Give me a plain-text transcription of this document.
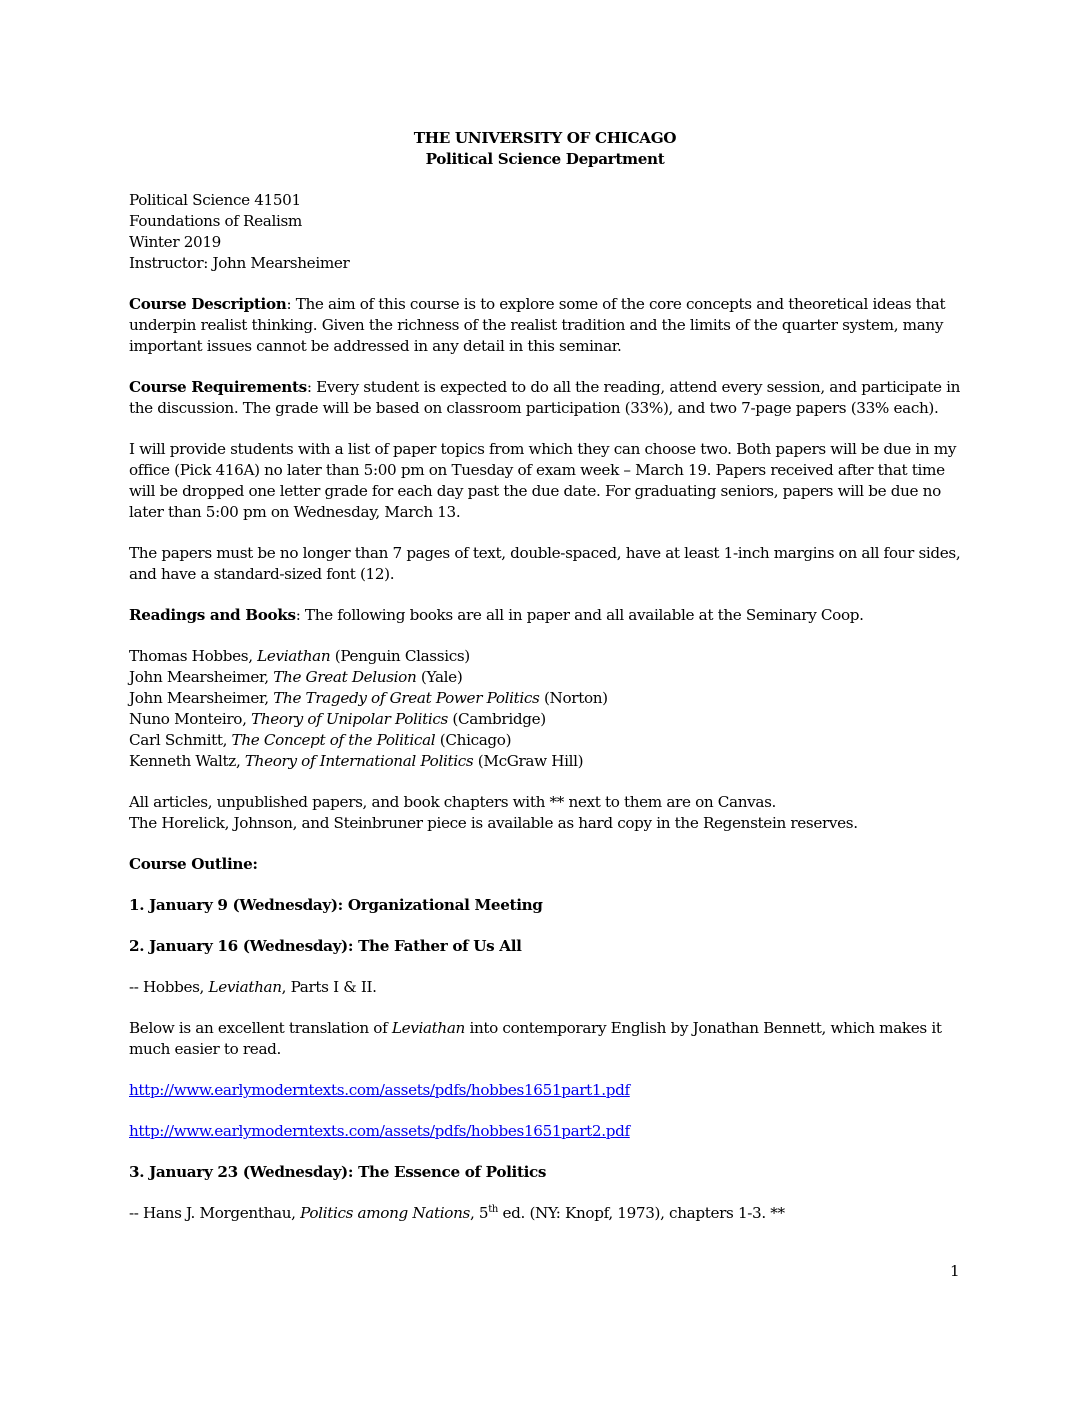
THE UNIVERSITY OF CHICAGO
Political Science Department
Political Science 41501
Foundations of Realism
Winter 2019
Instructor: John Mearsheimer

Course Description: The aim of this course is to explore some of the core concepts and theoretical ideas that underpin realist thinking. Given the richness of the realist tradition and the limits of the quarter system, many important issues cannot be addressed in any detail in this seminar.

Course Requirements: Every student is expected to do all the reading, attend every session, and participate in the discussion. The grade will be based on classroom participation (33%), and two 7-page papers (33% each).

I will provide students with a list of paper topics from which they can choose two. Both papers will be due in my office (Pick 416A) no later than 5:00 pm on Tuesday of exam week – March 19. Papers received after that time will be dropped one letter grade for each day past the due date. For graduating seniors, papers will be due no later than 5:00 pm on Wednesday, March 13.

The papers must be no longer than 7 pages of text, double-spaced, have at least 1-inch margins on all four sides, and have a standard-sized font (12).

Readings and Books: The following books are all in paper and all available at the Seminary Coop.

Thomas Hobbes, Leviathan (Penguin Classics)
John Mearsheimer, The Great Delusion (Yale)
John Mearsheimer, The Tragedy of Great Power Politics (Norton)
Nuno Monteiro, Theory of Unipolar Politics (Cambridge)
Carl Schmitt, The Concept of the Political (Chicago)
Kenneth Waltz, Theory of International Politics (McGraw Hill)
All articles, unpublished papers, and book chapters with ** next to them are on Canvas.
The Horelick, Johnson, and Steinbruner piece is available as hard copy in the Regenstein reserves.

Course Outline:

1. January 9 (Wednesday): Organizational Meeting

2. January 16 (Wednesday): The Father of Us All

-- Hobbes, Leviathan, Parts I & II.

Below is an excellent translation of Leviathan into contemporary English by Jonathan Bennett, which makes it much easier to read.

http://www.earlymoderntexts.com/assets/pdfs/hobbes1651part1.pdf

http://www.earlymoderntexts.com/assets/pdfs/hobbes1651part2.pdf

3. January 23 (Wednesday): The Essence of Politics

-- Hans J. Morgenthau, Politics among Nations, 5th ed. (NY: Knopf, 1973), chapters 1-3. **

1
